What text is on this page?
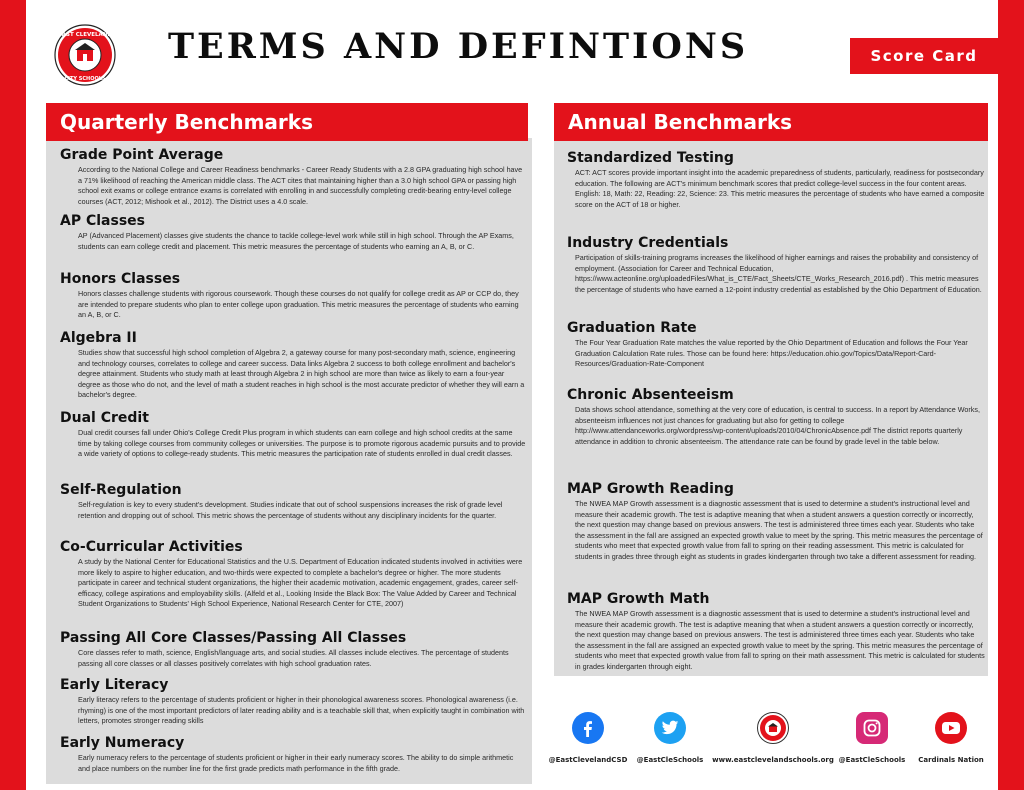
EAST CLEVELAND
CITY SCHOOLS
TERMS AND DEFINTIONS	Score Card
Quarterly Benchmarks	Annual Benchmarks
Grade Point Average

According to the National College and Career Readiness benchmarks - Career Ready Students with a 2.8 GPA graduating high school have a 71% likelihood of reaching the American middle class. The ACT cites that maintaining higher than a 3.0 high school GPA or passing high school exit exams or college entrance exams is correlated with enrolling in and successfully completing credit-bearing entry-level college courses (ACT, 2012; Mishook et al., 2012). The District uses a 4.0 scale.

AP Classes

AP (Advanced Placement) classes give students the chance to tackle college-level work while still in high school. Through the AP Exams, students can earn college credit and placement. This metric measures the percentage of students who earning an A, B, or C.

Honors Classes

Honors classes challenge students with rigorous coursework. Though these courses do not qualify for college credit as AP or CCP do, they are intended to prepare students who plan to enter college upon graduation. This metric measures the percentage of students who earning an A, B, or C.

Algebra II

Studies show that successful high school completion of Algebra 2, a gateway course for many post-secondary math, science, engineering and technology courses, correlates to college and career success. Data links Algebra 2 success to both college enrollment and bachelor's degree attainment. Students who study math at least through Algebra 2 in high school are more than twice as likely to earn a four-year degree as those who do not, and the level of math a student reaches in high school is the most accurate predictor of whether they will earn a bachelor's degree.

Dual Credit

Dual credit courses fall under Ohio's College Credit Plus program in which students can earn college and high school credits at the same time by taking college courses from community colleges or universities. The purpose is to promote rigorous academic pursuits and to provide a wide variety of options to college-ready students. This metric measures the participation rate of students enrolled in dual credit classes.

Self-Regulation

Self-regulation is key to every student's development. Studies indicate that out of school suspensions increases the risk of grade level retention and dropping out of school. This metric shows the percentage of students without any disciplinary incidents for the quarter.

Co-Curricular Activities

A study by the National Center for Educational Statistics and the U.S. Department of Education indicated students involved in activities were more likely to aspire to higher education, and two-thirds were expected to complete a bachelor's degree or higher. The more students participate in career and technical student organizations, the higher their academic motivation, academic engagement, grades, career self-efficacy, college aspirations and employability skills. (Alfeld et al., Looking Inside the Black Box: The Value Added by Career and Technical Student Organizations to Students' High School Experience, National Research Center for CTE, 2007)

Passing All Core Classes/Passing All Classes

Core classes refer to math, science, English/language arts, and social studies. All classes include electives. The percentage of students passing all core classes or all classes positively correlates with high school graduation rates.

Early Literacy

Early literacy refers to the percentage of students proficient or higher in their phonological awareness scores. Phonological awareness (i.e. rhyming) is one of the most important predictors of later reading ability and is a teachable skill that, when explicitly taught in combination with letters, promotes stronger reading skills

Early Numeracy

Early numeracy refers to the percentage of students proficient or higher in their early numeracy scores. The ability to do simple arithmetic and place numbers on the number line for the first grade predicts math performance in the fifth grade.

Standardized Testing

ACT: ACT scores provide important insight into the academic preparedness of students, particularly, readiness for postsecondary education. The following are ACT's minimum benchmark scores that predict college-level success in the four content areas. English: 18, Math: 22, Reading: 22, Science: 23. This metric measures the percentage of students who have earned a composite score on the ACT of 18 or higher.

Industry Credentials

Participation of skills-training programs increases the likelihood of higher earnings and raises the probability and consistency of employment. (Association for Career and Technical Education, https://www.acteonline.org/uploadedFiles/What_is_CTE/Fact_Sheets/CTE_Works_Research_2016.pdf) . This metric measures the percentage of students who have earned a 12-point industry credential as established by the Ohio Department of Education.

Graduation Rate

The Four Year Graduation Rate matches the value reported by the Ohio Department of Education and follows the Four Year Graduation Calculation Rate rules. Those can be found here: https://education.ohio.gov/Topics/Data/Report-Card-Resources/Graduation-Rate-Component

Chronic Absenteeism

Data shows school attendance, something at the very core of education, is central to success. In a report by Attendance Works, absenteeism influences not just chances for graduating but also for getting to college http://www.attendanceworks.org/wordpress/wp-content/uploads/2010/04/ChronicAbsence.pdf The district reports quarterly attendance in addition to chronic absenteeism. The attendance rate can be found by grade level in the table below.

MAP Growth Reading

The NWEA MAP Growth assessment is a diagnostic assessment that is used to determine a student's instructional level and measure their academic growth. The test is adaptive meaning that when a student answers a question correctly or incorrectly, the next question may change based on previous answers. The test is administered three times each year. Students who take the assessment in the fall are assigned an expected growth value to meet by the spring. This metric measures the percentage of students who meet that expected growth value from fall to spring on their reading assessment. This metric is calculated for students in grades three through eight as students in grades kindergarten through two take a different assessment for reading.

MAP Growth Math

The NWEA MAP Growth assessment is a diagnostic assessment that is used to determine a student's instructional level and measure their academic growth. The test is adaptive meaning that when a student answers a question correctly or incorrectly, the next question may change based on previous answers. The test is administered three times each year. Students who take the assessment in the fall are assigned an expected growth value to meet by the spring. This metric measures the percentage of students who meet that expected growth value from fall to spring on their math assessment. This metric is calculated for students in grades kindergarten through eight.

@EastClevelandCSD @EastCleSchools www.eastclevelandschools.org @EastCleSchools Cardinals Nation
